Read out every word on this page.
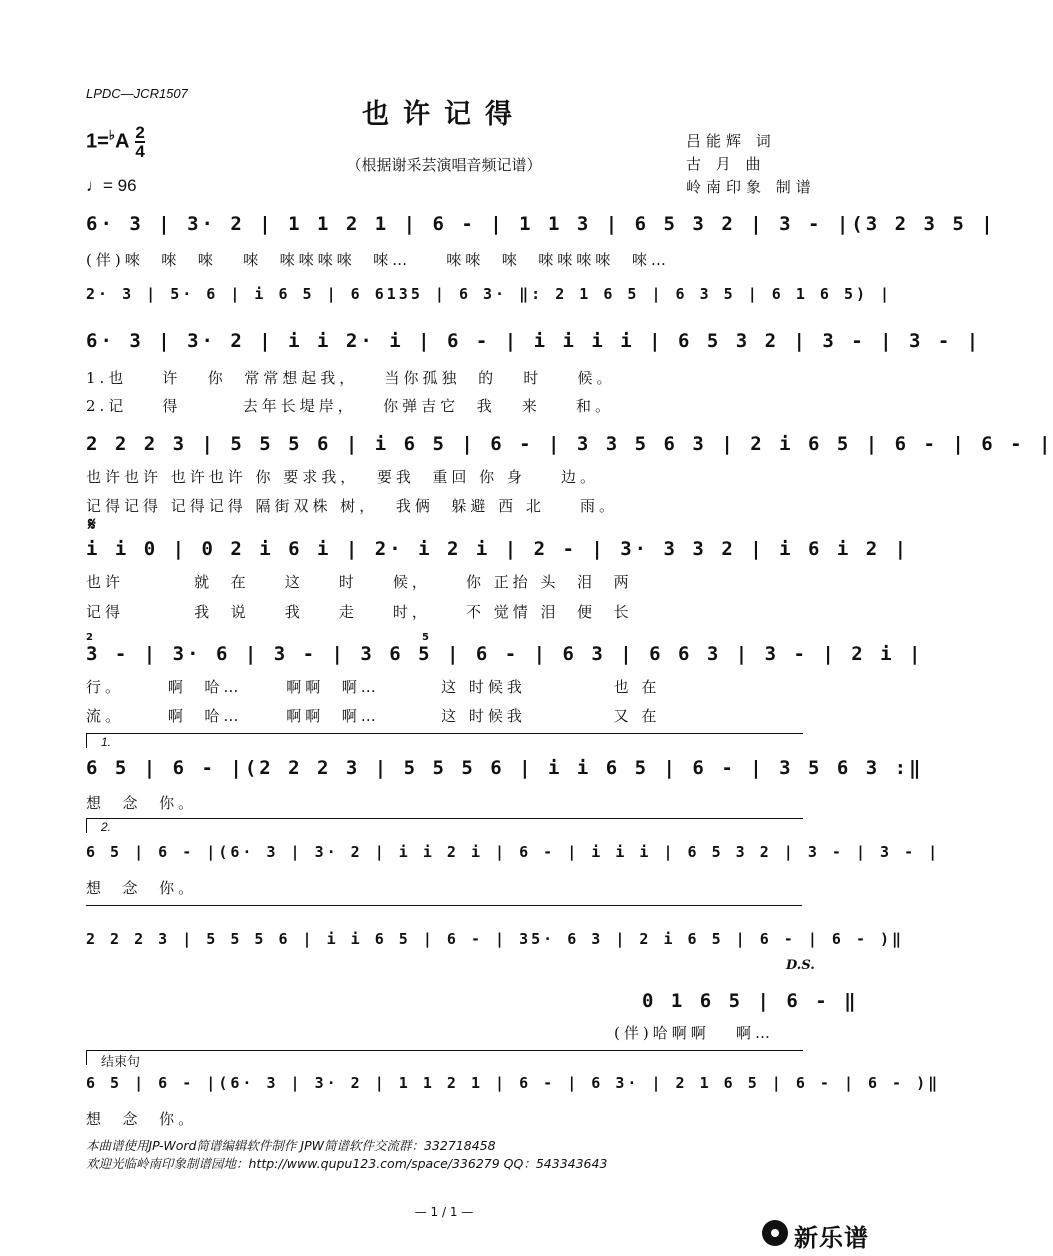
LPDC—JCR1507
也许记得
$1=^♭A \frac{2}{4}$
（根据谢采芸演唱音频记谱）
♩= 96
吕能辉 词
古 月 曲
岭南印象 制谱
6· 3 | 3· 2 | 1 1 2 1 | 6 - | 1 1 3 | 6 5 3 2 | 3 - |(3 2 3 5 |
(伴)唻  唻  唻   唻  唻唻唻唻  唻…    唻唻  唻  唻唻唻唻  唻…
2· 3 | 5· 6 | i 6 5 | 6 6135 | 6 3· ‖: 2 1 6 5 | 6 3 5 | 6 1 6 5) |
6· 3 | 3· 2 | i i 2· i | 6 - | i i i i | 6 5 3 2 | 3 - | 3 - |
1.也    许   你  常常想起我，   当你孤独  的   时    候。
2.记    得       去年长堤岸，   你弹吉它  我   来    和。
2 2 2 3 | 5 5 5 6 | i 6 5 | 6 - | 3 3 5 6 3 | 2 i 6 5 | 6 - | 6 - |
也许也许 也许也许 你 要求我，  要我  重回 你 身    边。
记得记得 记得记得 隔街双株 树，  我俩  躲避 西 北    雨。
𝄋
i i 0 | 0 2 i 6 i | 2· i 2 i | 2 - | 3· 3 3 2 | i 6 i 2 |
也许        就  在    这    时    候，    你 正抬 头  泪  两
记得        我  说    我    走    时，    不 觉情 泪  便  长
2	5
3 - | 3· 6 | 3 - | 3 6 5 | 6 - | 6 3 | 6 6 3 | 3 - | 2 i |
行。     啊  哈…     啊啊  啊…       这 时候我          也 在
流。     啊  哈…     啊啊  啊…       这 时候我          又 在
1.
6 5 | 6 - |(2 2 2 3 | 5 5 5 6 | i i 6 5 | 6 - | 3 5 6 3 :‖
想  念  你。
2.
6 5 | 6 - |(6· 3 | 3· 2 | i i 2 i | 6 - | i i i | 6 5 3 2 | 3 - | 3 - |
想  念  你。
2 2 2 3 | 5 5 5 6 | i i 6 5 | 6 - | 35· 6 3 | 2 i 6 5 | 6 - | 6 - )‖
D.S.
0 1 6 5 | 6 - ‖
(伴)哈啊啊   啊…
结束句
6 5 | 6 - |(6· 3 | 3· 2 | 1 1 2 1 | 6 - | 6 3· | 2 1 6 5 | 6 - | 6 - )‖
想  念  你。
本曲谱使用JP-Word简谱编辑软件制作 JPW简谱软件交流群：332718458
欢迎光临岭南印象制谱园地：http://www.qupu123.com/space/336279 QQ：543343643
— 1 / 1 —
新乐谱
